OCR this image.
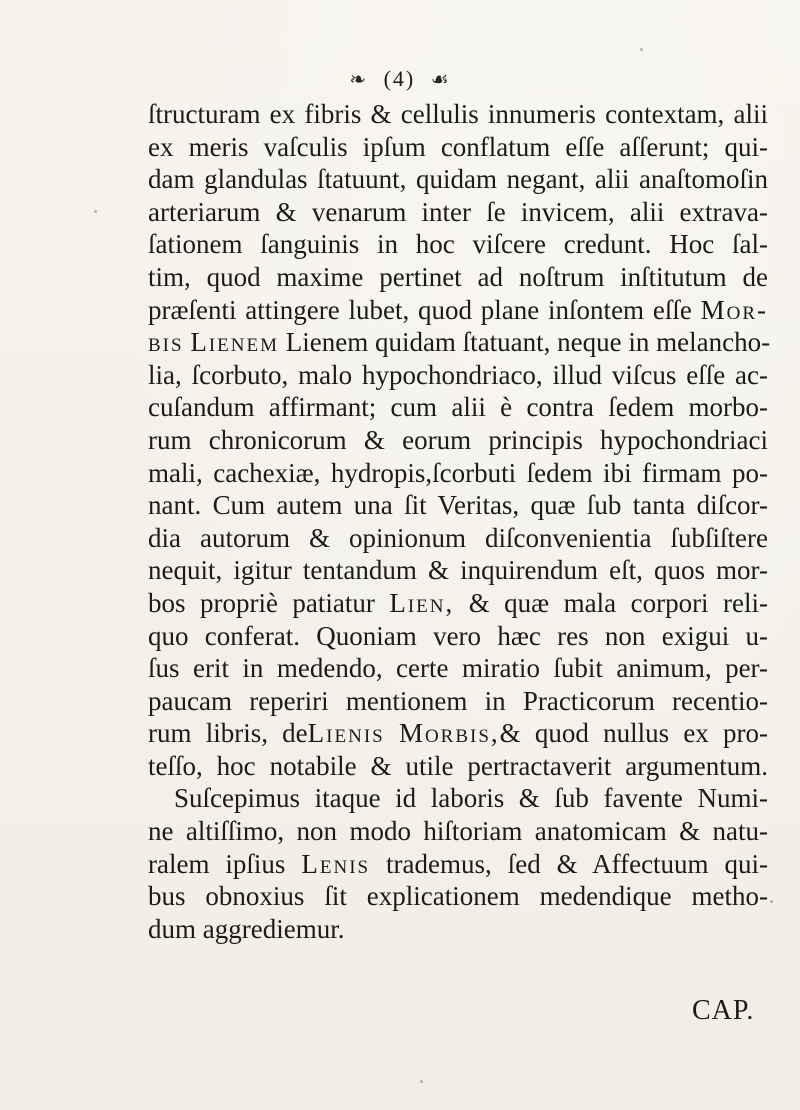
❧ (4) ☙
ſtructuram ex fibris & cellulis innumeris contextam, alii
ex meris vaſculis ipſum conflatum eſſe aſſerunt; qui-
dam glandulas ſtatuunt, quidam negant, alii anaſtomoſin
arteriarum & venarum inter ſe invicem, alii extrava-
ſationem ſanguinis in hoc viſcere credunt. Hoc ſal-
tim, quod maxime pertinet ad noſtrum inſtitutum de
præſenti attingere lubet, quod plane inſontem eſſe Mor-
bis Lienem Lienem quidam ſtatuant, neque in melancho-
lia, ſcorbuto, malo hypochondriaco, illud viſcus eſſe ac-
cuſandum affirmant; cum alii è contra ſedem morbo-
rum chronicorum & eorum principis hypochondriaci
mali, cachexiæ, hydropis,ſcorbuti ſedem ibi firmam po-
nant. Cum autem una ſit Veritas, quæ ſub tanta diſcor-
dia autorum & opinionum diſconvenientia ſubſiſtere
nequit, igitur tentandum & inquirendum eſt, quos mor-
bos propriè patiatur Lien, & quæ mala corpori reli-
quo conferat. Quoniam vero hæc res non exigui u-
ſus erit in medendo, certe miratio ſubit animum, per-
paucam reperiri mentionem in Practicorum recentio-
rum libris, deLienis Morbis,& quod nullus ex pro-
teſſo, hoc notabile & utile pertractaverit argumentum.
Suſcepimus itaque id laboris & ſub favente Numi-
ne altiſſimo, non modo hiſtoriam anatomicam & natu-
ralem ipſius Lenis trademus, ſed & Affectuum qui-
bus obnoxius ſit explicationem medendique metho-
dum aggrediemur.
CAP.
